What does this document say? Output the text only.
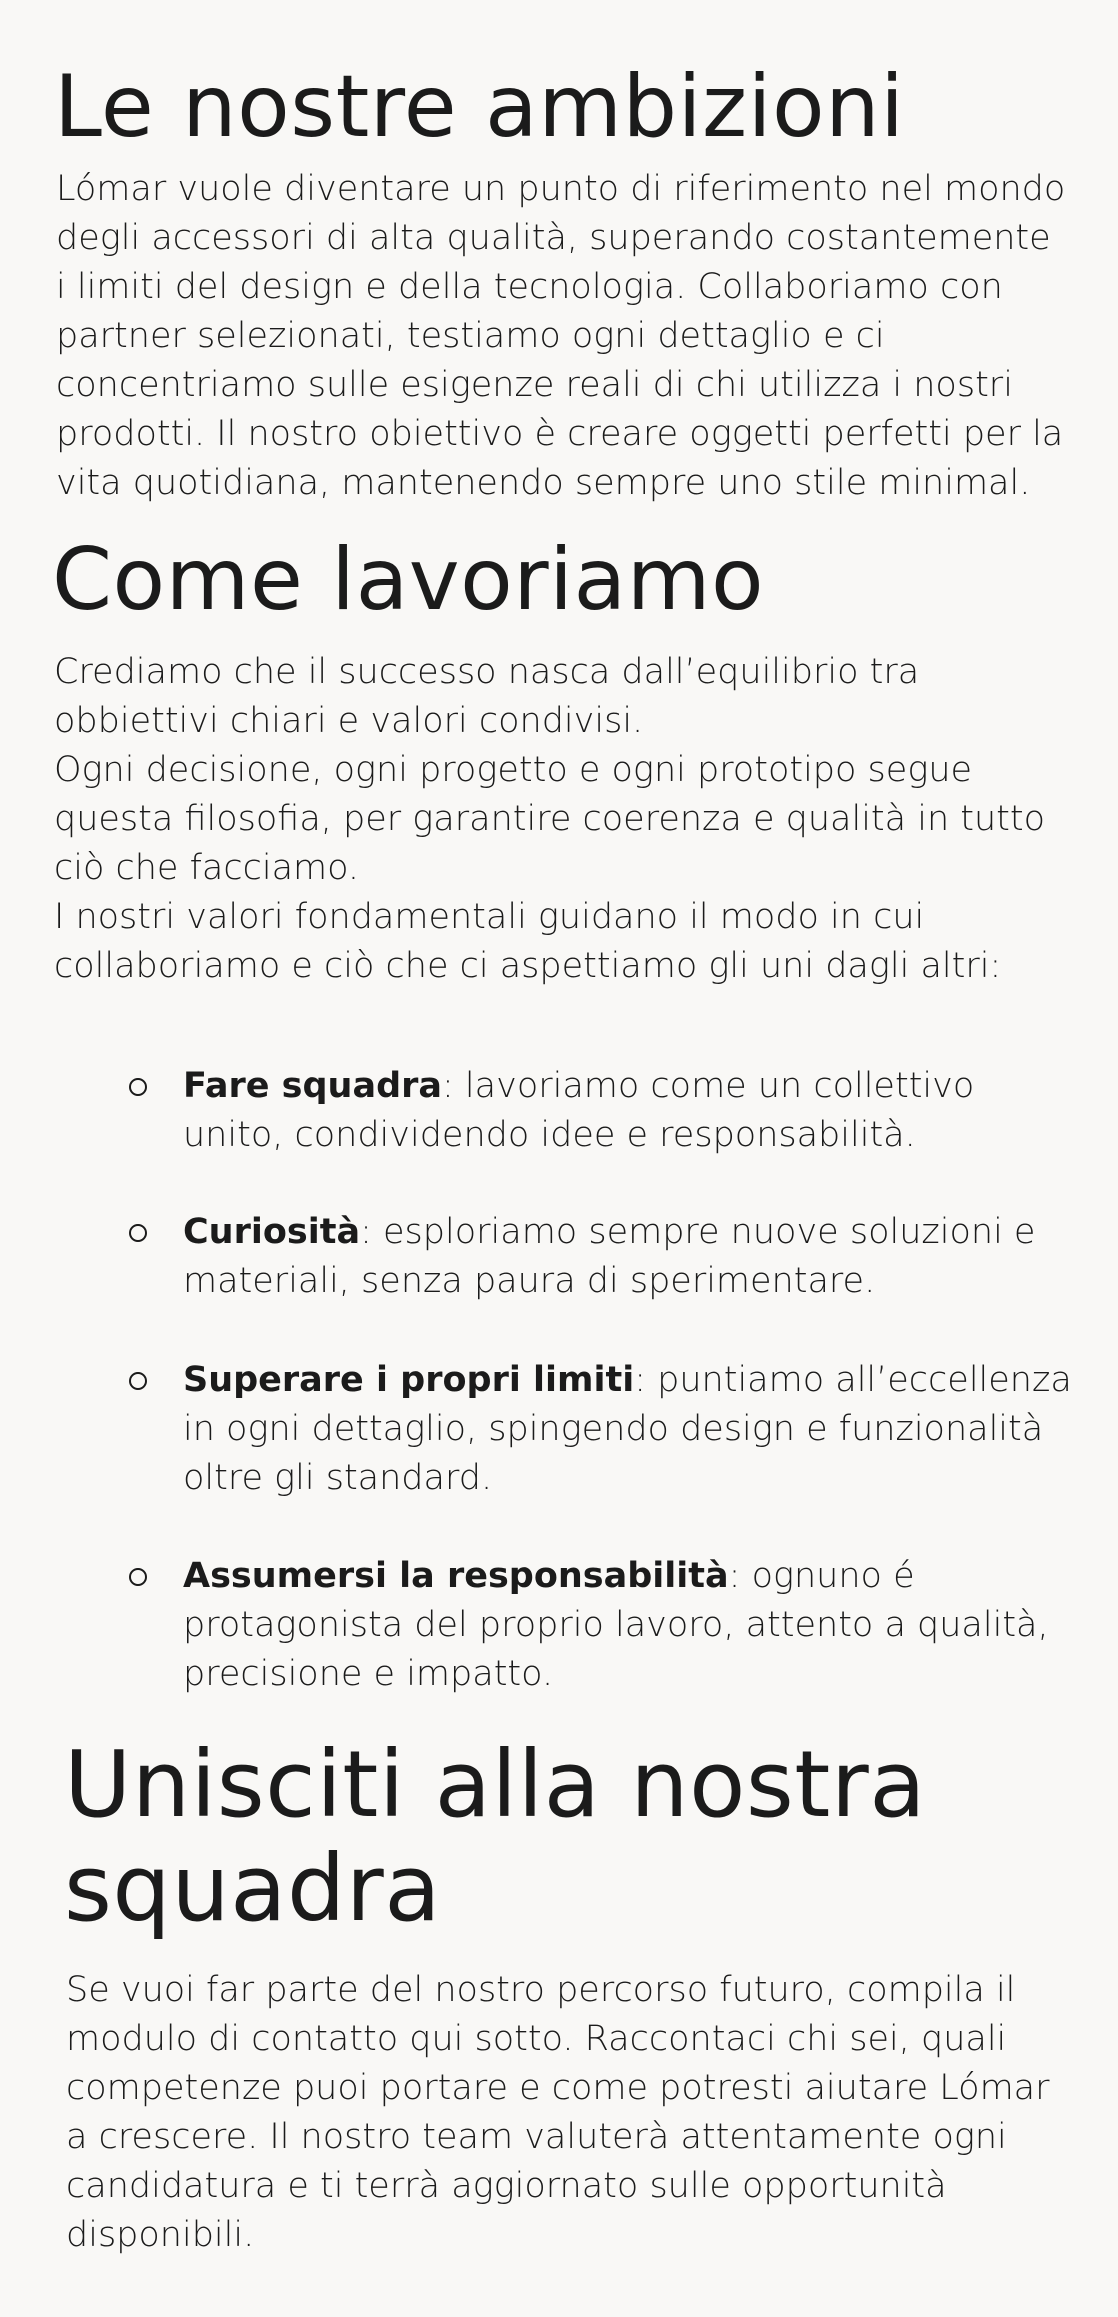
Le nostre ambizioni
Lómar vuole diventare un punto di riferimento nel mondo degli accessori di alta qualità, superando costantemente i limiti del design e della tecnologia. Collaboriamo con partner selezionati, testiamo ogni dettaglio e ci concentriamo sulle esigenze reali di chi utilizza i nostri prodotti. Il nostro obiettivo è creare oggetti perfetti per la vita quotidiana, mantenendo sempre uno stile minimal.
Come lavoriamo

Crediamo che il successo nasca dall’equilibrio tra obbiettivi chiari e valori condivisi.

Ogni decisione, ogni progetto e ogni prototipo segue questa filosofia, per garantire coerenza e qualità in tutto ciò che facciamo.

I nostri valori fondamentali guidano il modo in cui collaboriamo e ciò che ci aspettiamo gli uni dagli altri:

Fare squadra: lavoriamo come un collettivo unito, condividendo idee e responsabilità.
Curiosità: esploriamo sempre nuove soluzioni e materiali, senza paura di sperimentare.
Superare i propri limiti: puntiamo all’eccellenza in ogni dettaglio, spingendo design e funzionalità oltre gli standard.
Assumersi la responsabilità: ognuno é protagonista del proprio lavoro, attento a qualità, precisione e impatto.
Unisciti alla nostra squadra
Se vuoi far parte del nostro percorso futuro, compila il modulo di contatto qui sotto. Raccontaci chi sei, quali competenze puoi portare e come potresti aiutare Lómar a crescere. Il nostro team valuterà attentamente ogni candidatura e ti terrà aggiornato sulle opportunità disponibili.
